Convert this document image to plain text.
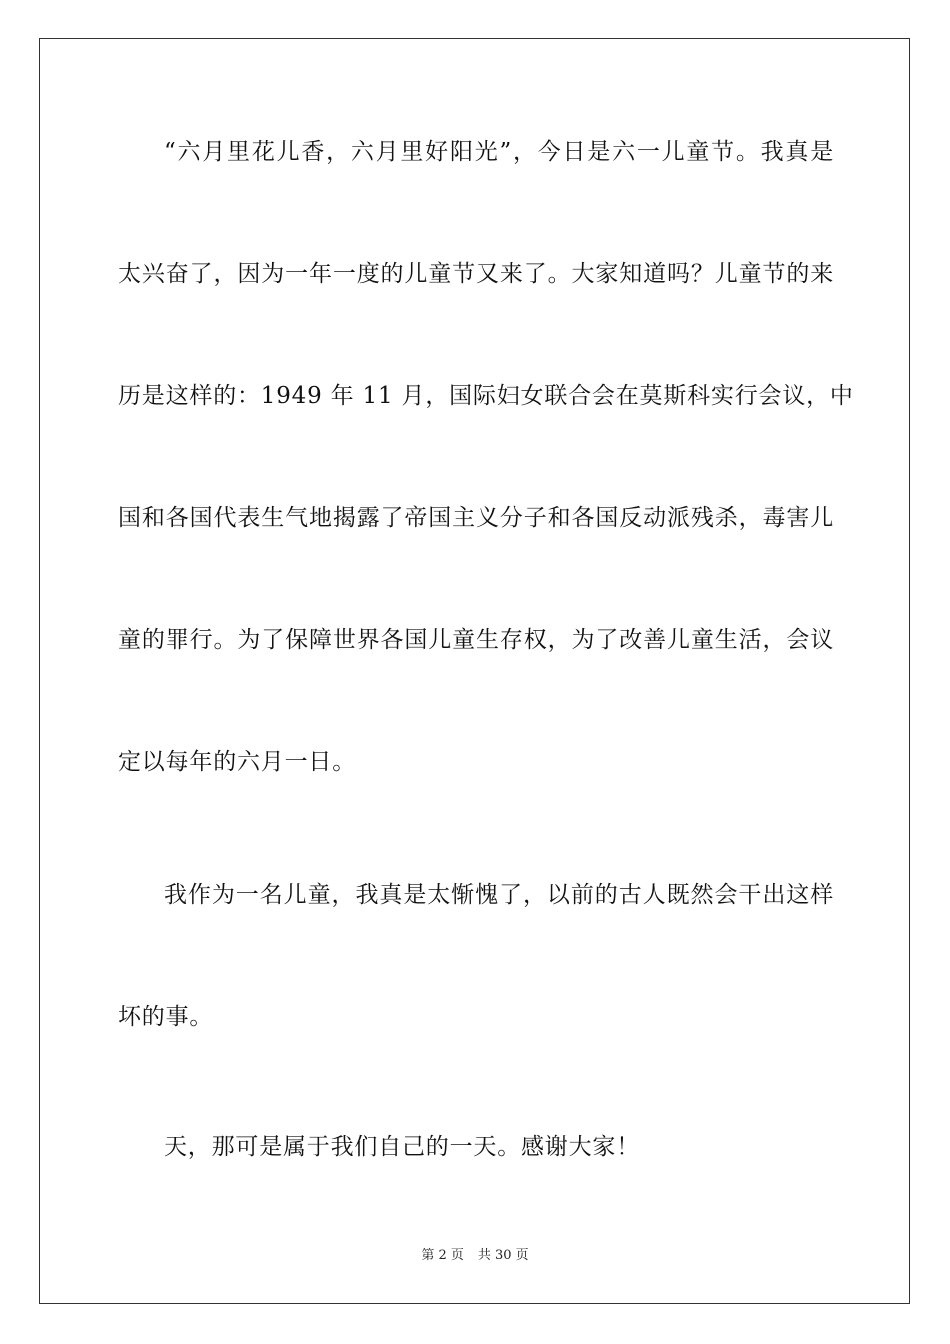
“六月里花儿香，六月里好阳光”，今日是六一儿童节。我真是
太兴奋了，因为一年一度的儿童节又来了。大家知道吗？儿童节的来
历是这样的：1949 年 11 月，国际妇女联合会在莫斯科实行会议，中
国和各国代表生气地揭露了帝国主义分子和各国反动派残杀，毒害儿
童的罪行。为了保障世界各国儿童生存权，为了改善儿童生活，会议
定以每年的六月一日。
我作为一名儿童，我真是太惭愧了，以前的古人既然会干出这样
坏的事。
天，那可是属于我们自己的一天。感谢大家！
第 2 页 共 30 页
